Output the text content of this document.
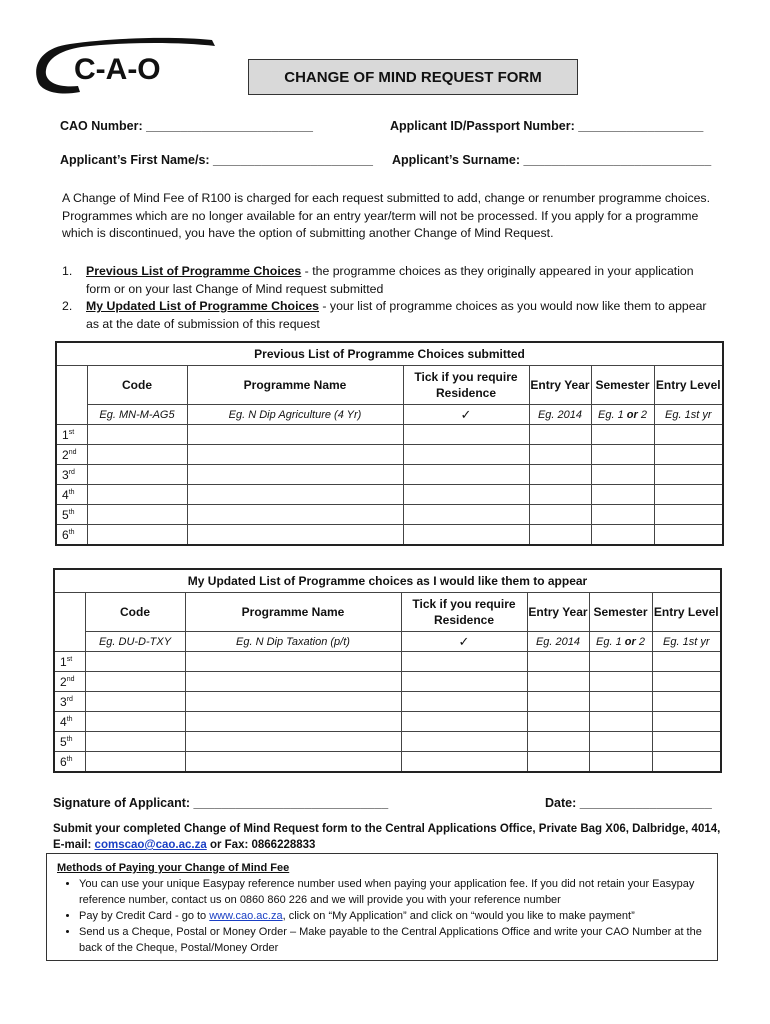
C-A-O	CHANGE OF MIND REQUEST FORM
CAO Number: ________________________	Applicant ID/Passport Number: __________________
Applicant’s First Name/s: _______________________ Applicant’s Surname: ___________________________
A Change of Mind Fee of R100 is charged for each request submitted to add, change or renumber programme choices. Programmes which are no longer available for an entry year/term will not be processed. If you apply for a programme which is discontinued, you have the option of submitting another Change of Mind Request.
1. Previous List of Programme Choices - the programme choices as they originally appeared in your application form or on your last Change of Mind request submitted
2. My Updated List of Programme Choices - your list of programme choices as you would now like them to appear as at the date of submission of this request
Previous List of Programme Choices submitted						
	Code	Programme Name	Tick if you require Residence	Entry Year	Semester	Entry Level
	Eg. MN-M-AG5	Eg. N Dip Agriculture (4 Yr)	✓	Eg. 2014	Eg. 1 or 2	Eg. 1st yr
1st						
2nd						
3rd						
4th						
5th						
6th						
My Updated List of Programme choices as I would like them to appear						
	Code	Programme Name	Tick if you require Residence	Entry Year	Semester	Entry Level
	Eg. DU-D-TXY	Eg. N Dip Taxation (p/t)	✓	Eg. 2014	Eg. 1 or 2	Eg. 1st yr
1st						
2nd						
3rd						
4th						
5th						
6th						
Signature of Applicant: ____________________________	Date: ___________________
Submit your completed Change of Mind Request form to the Central Applications Office, Private Bag X06, Dalbridge, 4014,
E-mail: comscao@cao.ac.za or Fax: 0866228833
Methods of Paying your Change of Mind Fee
• You can use your unique Easypay reference number used when paying your application fee. If you did not retain your Easypay reference number, contact us on 0860 860 226 and we will provide you with your reference number
• Pay by Credit Card - go to www.cao.ac.za, click on “My Application” and click on “would you like to make payment”
• Send us a Cheque, Postal or Money Order – Make payable to the Central Applications Office and write your CAO Number at the back of the Cheque, Postal/Money Order
